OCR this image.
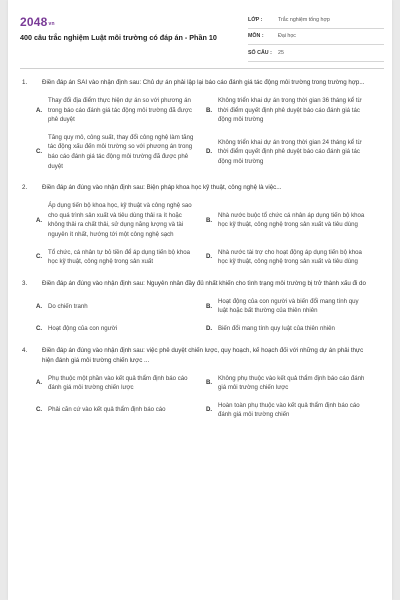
$2048^{vn}$
400 câu trắc nghiệm Luật môi trường có đáp án - Phần 10
LỚP :	Trắc nghiệm tổng hợp
MÔN :	Đại học
SỐ CÂU :	25
1.	Điền đáp án SAI vào nhận định sau: Chủ dự án phải lập lại báo cáo đánh giá tác động môi trường trong trường hợp...
A.
Thay đổi địa điểm thực hiện dự án so với phương án trong báo cáo đánh giá tác động môi trường đã được phê duyệt
B.
Không triển khai dự án trong thời gian 36 tháng kể từ thời điểm quyết định phê duyệt báo cáo đánh giá tác động môi trường
C.
Tăng quy mô, công suất, thay đổi công nghệ làm tăng tác động xấu đến môi trường so với phương án trong báo cáo đánh giá tác động môi trường đã được phê duyệt
D.
Không triển khai dự án trong thời gian 24 tháng kể từ thời điểm quyết định phê duyệt báo cáo đánh giá tác động môi trường
2.	Điền đáp án đúng vào nhận định sau: Biện pháp khoa học kỹ thuật, công nghệ là việc...
A.
Áp dụng tiến bộ khoa học, kỹ thuật và công nghệ sao cho quá trình sản xuất và tiêu dùng thải ra ít hoặc không thải ra chất thải, sử dụng năng lượng và tài nguyên ít nhất, hướng tới một công nghệ sạch
B.
Nhà nước buộc tổ chức cá nhân áp dụng tiến bộ khoa học kỹ thuật, công nghệ trong sản xuất và tiêu dùng
C.
Tổ chức, cá nhân tự bỏ tiền để áp dụng tiến bộ khoa học kỹ thuật, công nghệ trong sản xuất
D.
Nhà nước tài trợ cho hoạt động áp dụng tiến bộ khoa học kỹ thuật, công nghệ trong sản xuất và tiêu dùng
3.	Điền đáp án đúng vào nhận định sau: Nguyên nhân đầy đủ nhất khiến cho tình trạng môi trường bị trở thành xấu đi do
A. Do chiến tranh	B.
Hoạt động của con người và biến đổi mang tính quy luật hoặc bất thường của thiên nhiên
C. Hoạt động của con người	D. Biến đổi mang tính quy luật của thiên nhiên
4.	Điền đáp án đúng vào nhận định sau: việc phê duyệt chiến lược, quy hoạch, kế hoạch đối với những dự án phải thực hiện đánh giá môi trường chiến lược ...
A.
Phụ thuộc một phần vào kết quả thẩm định báo cáo đánh giá môi trường chiến lược
B.
Không phụ thuộc vào kết quả thẩm định báo cáo đánh giá môi trường chiến lược
C. Phải căn cứ vào kết quả thẩm định báo cáo	D.
Hoàn toàn phụ thuộc vào kết quả thẩm định báo cáo đánh giá môi trường chiến
